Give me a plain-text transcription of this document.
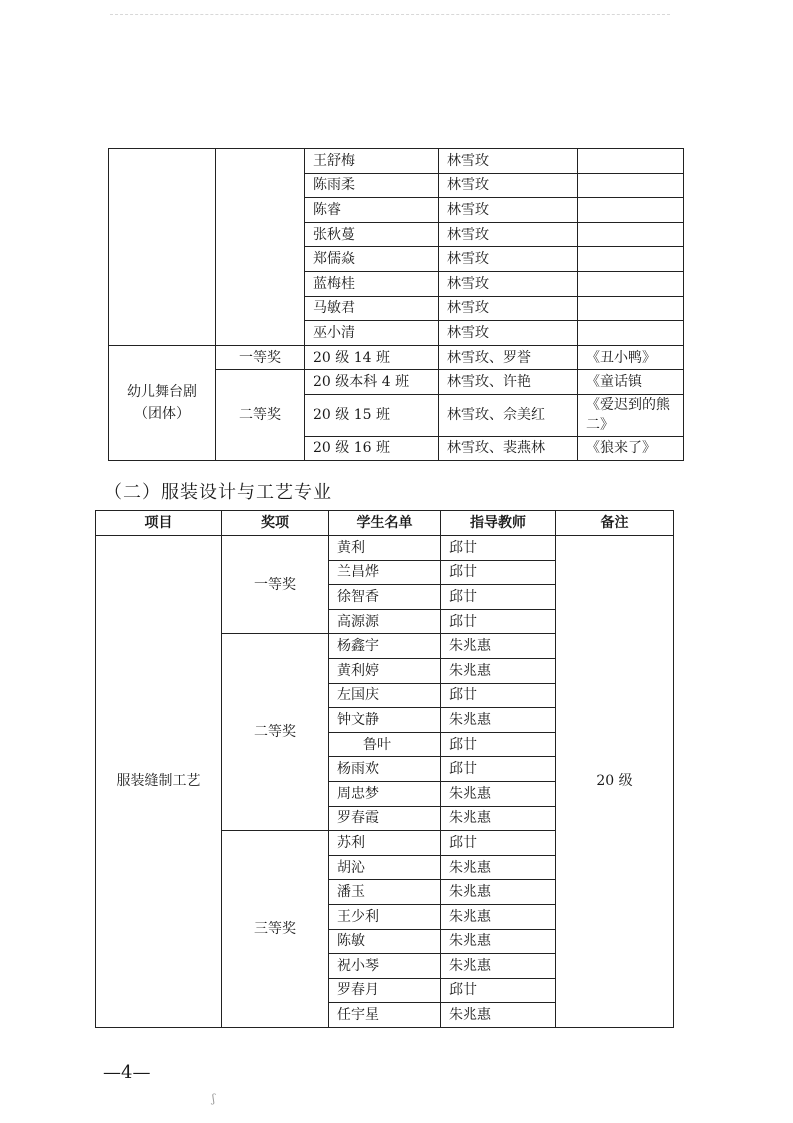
		王舒梅	林雪玫	
		陈雨柔	林雪玫	
		陈睿	林雪玫	
		张秋蔓	林雪玫	
		郑儒焱	林雪玫	
		蓝梅桂	林雪玫	
		马敏君	林雪玫	
		巫小清	林雪玫	

幼儿舞台剧
（团体）	一等奖	20 级 14 班	林雪玫、罗誉	《丑小鸭》
	二等奖	20 级本科 4 班	林雪玫、许艳	《童话镇
		20 级 15 班	林雪玫、佘美红	《爱迟到的熊二》
		20 级 16 班	林雪玫、裴燕林	《狼来了》
（二）服装设计与工艺专业
项目	奖项	学生名单	指导教师	备注
服装缝制工艺	一等奖	黄利	邱廿	20 级
		兰昌烨	邱廿	
		徐智香	邱廿	
		高源源	邱廿	
	二等奖	杨鑫宇	朱兆惠	
		黄利婷	朱兆惠	
		左国庆	邱廿	
		钟文静	朱兆惠	
		鲁叶	邱廿	
		杨雨欢	邱廿	
		周忠梦	朱兆惠	
		罗春霞	朱兆惠	
	三等奖	苏利	邱廿	
		胡沁	朱兆惠	
		潘玉	朱兆惠	
		王少利	朱兆惠	
		陈敏	朱兆惠	
		祝小琴	朱兆惠	
		罗春月	邱廿	
		任宇星	朱兆惠	
—4—
ʃ
